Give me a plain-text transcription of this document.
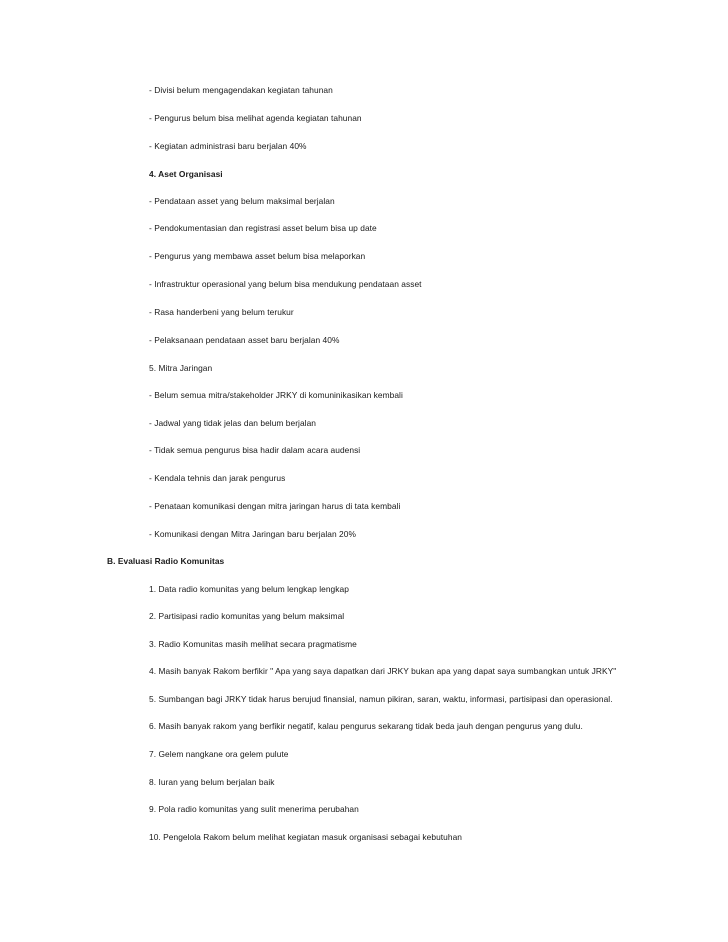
- Divisi belum mengagendakan kegiatan tahunan
- Pengurus belum bisa melihat agenda kegiatan tahunan
- Kegiatan administrasi baru berjalan 40%
4. Aset Organisasi
- Pendataan asset yang belum maksimal berjalan
- Pendokumentasian dan registrasi asset belum bisa up date
- Pengurus yang membawa asset belum bisa melaporkan
- Infrastruktur operasional yang belum bisa mendukung pendataan asset
- Rasa handerbeni yang belum terukur
- Pelaksanaan pendataan asset baru berjalan 40%
5. Mitra Jaringan
- Belum semua mitra/stakeholder JRKY di komuninikasikan kembali
- Jadwal yang tidak jelas dan belum berjalan
- Tidak semua pengurus bisa hadir dalam acara audensi
- Kendala tehnis dan jarak pengurus
- Penataan komunikasi dengan mitra jaringan harus di tata kembali
- Komunikasi dengan Mitra Jaringan baru berjalan 20%
B. Evaluasi Radio Komunitas
1. Data radio komunitas yang belum lengkap lengkap
2. Partisipasi radio komunitas yang belum maksimal
3. Radio Komunitas masih melihat secara pragmatisme
4. Masih banyak Rakom berfikir " Apa yang saya dapatkan dari JRKY bukan apa yang dapat saya sumbangkan untuk JRKY"
5. Sumbangan bagi JRKY tidak harus berujud finansial, namun pikiran, saran, waktu, informasi, partisipasi dan operasional.
6. Masih banyak rakom yang berfikir negatif, kalau pengurus sekarang tidak beda jauh dengan pengurus yang dulu.
7. Gelem nangkane ora gelem pulute
8. Iuran yang belum berjalan baik
9. Pola radio komunitas yang sulit menerima perubahan
10. Pengelola Rakom belum melihat kegiatan masuk organisasi sebagai kebutuhan
